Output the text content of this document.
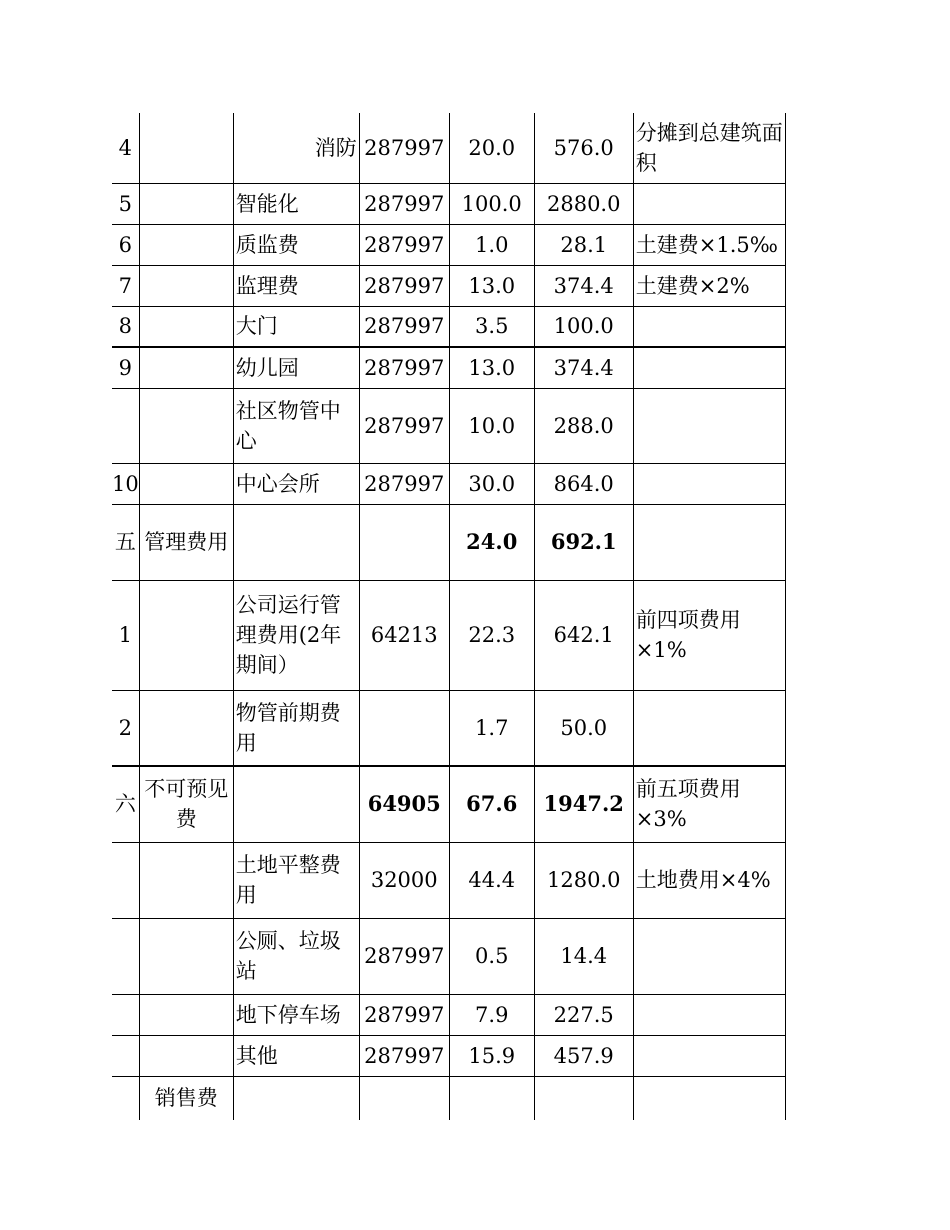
4		消防	287997	20.0	576.0	分摊到总建筑面积
5		智能化	287997	100.0	2880.0	
6		质监费	287997	1.0	28.1	土建费×1.5‰
7		监理费	287997	13.0	374.4	土建费×2%
8		大门	287997	3.5	100.0	
9		幼儿园	287997	13.0	374.4	
		社区物管中心	287997	10.0	288.0	
10		中心会所	287997	30.0	864.0	
五	管理费用			24.0	692.1	
1		公司运行管理费用(2年期间）	64213	22.3	642.1	前四项费用×1%
2		物管前期费用		1.7	50.0	
六	不可预见费		64905	67.6	1947.2	前五项费用×3%
		土地平整费用	32000	44.4	1280.0	土地费用×4%
		公厕、垃圾站	287997	0.5	14.4	
		地下停车场	287997	7.9	227.5	
		其他	287997	15.9	457.9	
	销售费					
